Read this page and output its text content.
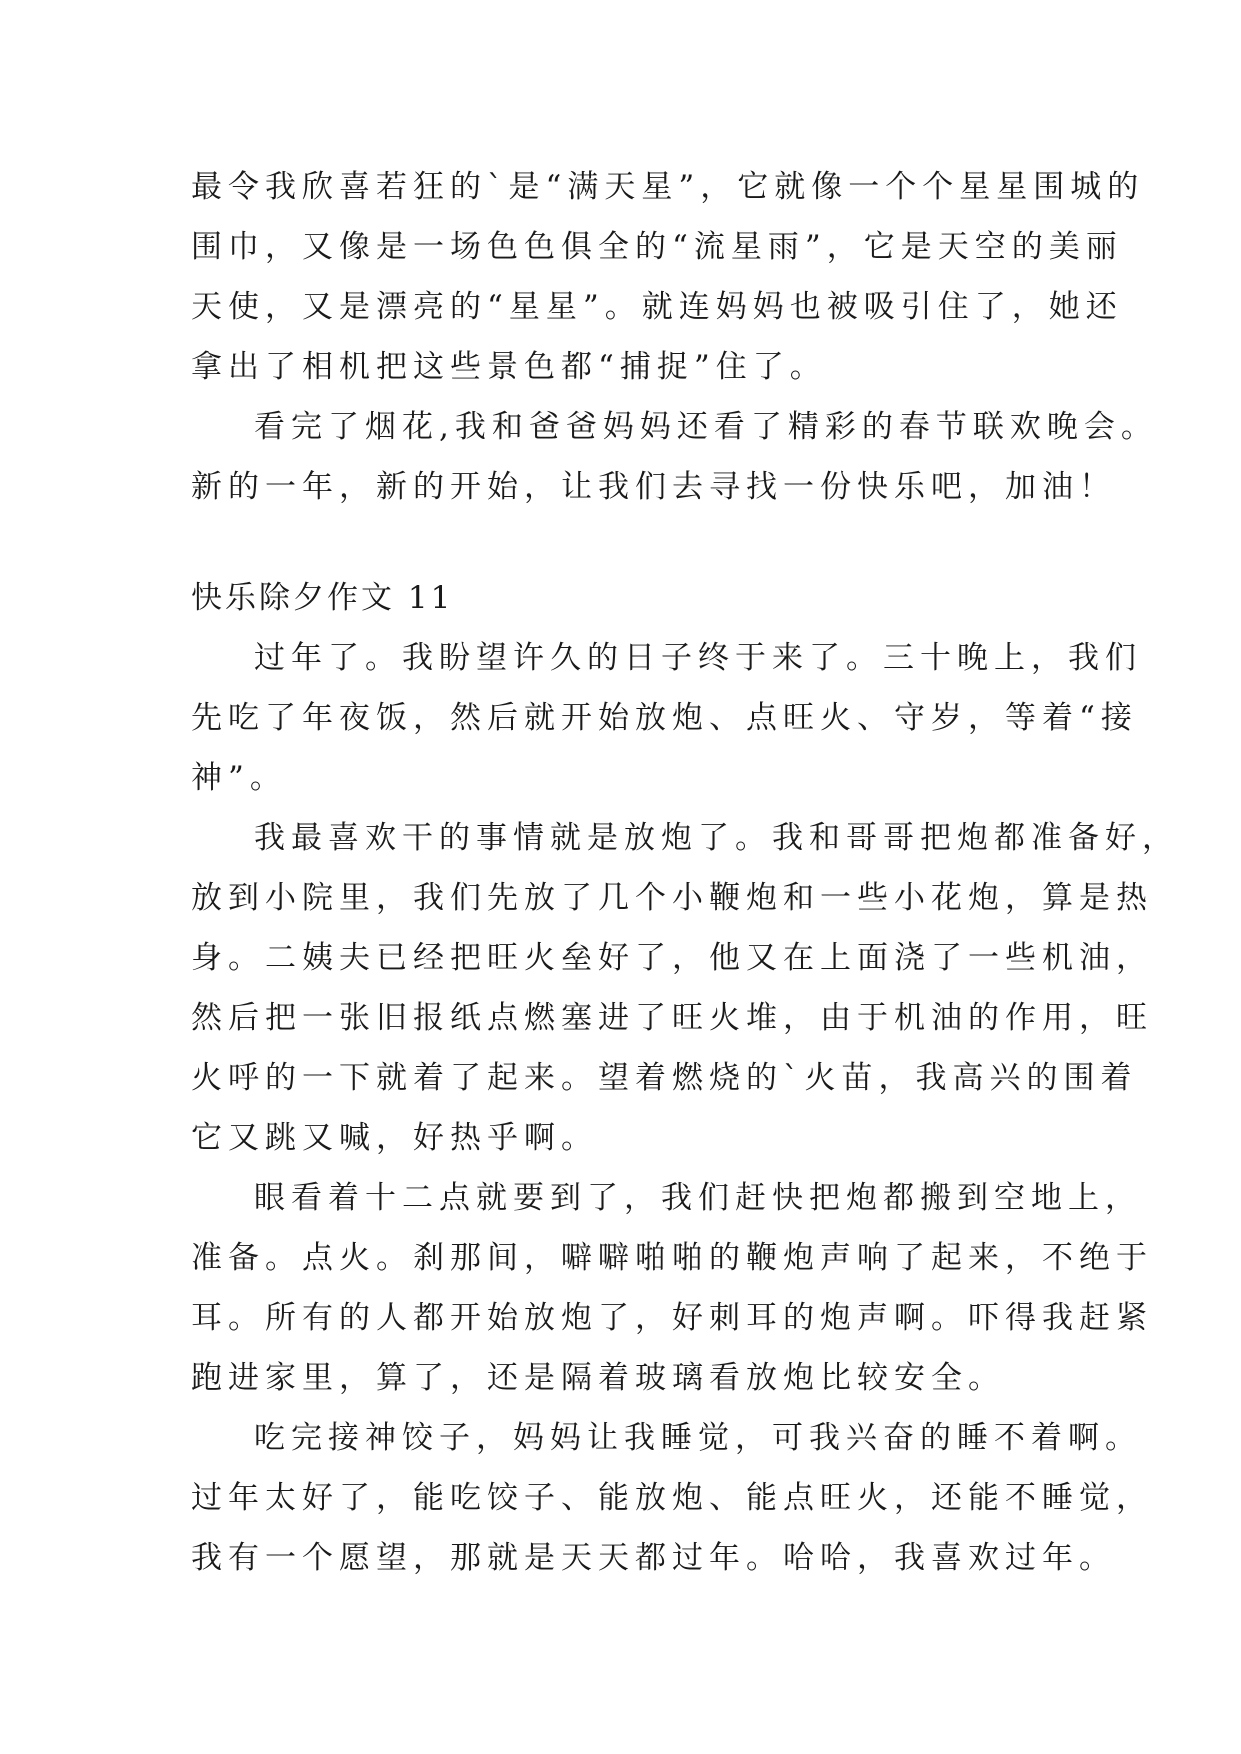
最令我欣喜若狂的`是“满天星”，它就像一个个星星围城的
围巾，又像是一场色色俱全的“流星雨”，它是天空的美丽
天使，又是漂亮的“星星”。就连妈妈也被吸引住了，她还
拿出了相机把这些景色都“捕捉”住了。
看完了烟花,我和爸爸妈妈还看了精彩的春节联欢晚会。
新的一年，新的开始，让我们去寻找一份快乐吧，加油！
快乐除夕作文 11
过年了。我盼望许久的日子终于来了。三十晚上，我们
先吃了年夜饭，然后就开始放炮、点旺火、守岁，等着“接
神”。
我最喜欢干的事情就是放炮了。我和哥哥把炮都准备好，
放到小院里，我们先放了几个小鞭炮和一些小花炮，算是热
身。二姨夫已经把旺火垒好了，他又在上面浇了一些机油，
然后把一张旧报纸点燃塞进了旺火堆，由于机油的作用，旺
火呼的一下就着了起来。望着燃烧的`火苗，我高兴的围着
它又跳又喊，好热乎啊。
眼看着十二点就要到了，我们赶快把炮都搬到空地上，
准备。点火。刹那间，噼噼啪啪的鞭炮声响了起来，不绝于
耳。所有的人都开始放炮了，好刺耳的炮声啊。吓得我赶紧
跑进家里，算了，还是隔着玻璃看放炮比较安全。
吃完接神饺子，妈妈让我睡觉，可我兴奋的睡不着啊。
过年太好了，能吃饺子、能放炮、能点旺火，还能不睡觉，
我有一个愿望，那就是天天都过年。哈哈，我喜欢过年。
